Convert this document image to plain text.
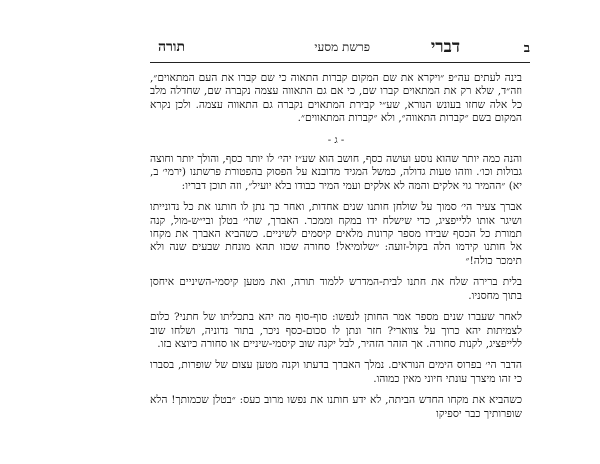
ב
דברי
פרשת מסעי
תורה

בינה לעתים עה״פ ״ויקרא את שם המקום קברות התאוה כי שם קברו את העם המתאוים״, וזה״ד, שלא רק את המתאוים קברו שם, כי אם גם התאווה עצמה נקברה שם, שחדלה מלב כל אלה שחזו בעונש הנורא, שע״י קבירת המתאוים נקברה גם התאווה עצמה. ולכן נקרא המקום בשם ״קברות התאווה״, ולא ״קברות המתאווים״.

- ג -

והנה כמה יותר שהוא נוסע ועושה כסף, חושב הוא שע״ז יהי׳ לו יותר כסף, והולך יותר וחוצה גבולות וכו׳. ווזהו טעות גדולה, כמשל המגיד מדובנא על הפסוק בהפטורת פרשתנו (ירמי׳ ב, יא) ״ההמיר גוי אלקים והמה לא אלקים ועמי המיר כבודו בלא יועיל״, וזה תוכן דבריו:

אברך צעיר הי׳ סמוך על שולחן חותנו שנים אחדות, ואחר כך נתן לו חותנו את כל נדונייתו ושיגר אותו ללייפציג, כדי שישלח ידו במקח וממכר. האברך, שהי׳ בטלן ובי״ש-מול, קנה תמורת כל הכסף שבידו מספר קרונות מלאים קיסמים לשיניים. כשהביא האברך את מקחו אל חותנו קידמו הלה בקול-זועה: ״שלומיאל! סחורה שכזו תהא מונחת שבעים שנה ולא תימכר כולה!״

בלית ברירה שלח את חתנו לבית-המדרש ללמוד תורה, ואת מטען קיסמי-השיניים איחסן בתוך מחסניו.

לאחר שעברו שנים מספר אמר החותן לנפשו: סוף-סוף מה יהא בתכליתו של חתני? כלום לצמיתות יהא כרוך על צווארי? חזר ונתן לו סכום-כסף ניכר, בתור נדוניה, ושלחו שוב ללייפציג, לקנות סחורה. אך הזהר הזהיר, לבל יקנה שוב קיסמי-שיניים או סחורה כיוצא בזו.

הדבר הי׳ בפרוס הימים הנוראים. נמלך האברך בדעתו וקנה מטען עצום של שופרות, בסברו כי זהו מיצרך עונתי חיוני מאין כמוהו.

כשהביא את מקחו החדש הביתה, לא ידע חותנו את נפשו מרוב כעס: ״בטלן שכמותך! הלא שופרותיך כבר יספיקו
